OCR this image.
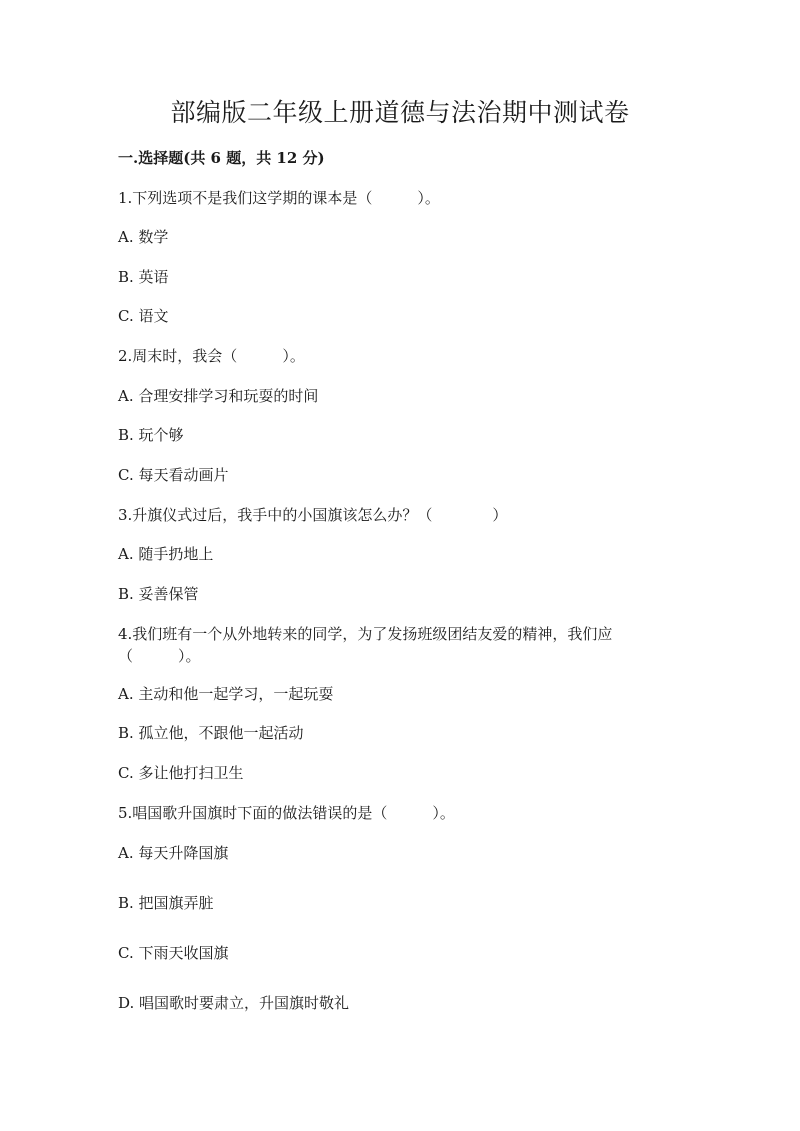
部编版二年级上册道德与法治期中测试卷
一.选择题(共 6 题，共 12 分)
1.下列选项不是我们这学期的课本是（　　　）。
A. 数学
B. 英语
C. 语文
2.周末时，我会（　　　）。
A. 合理安排学习和玩耍的时间
B. 玩个够
C. 每天看动画片
3.升旗仪式过后，我手中的小国旗该怎么办？（　　　　）
A. 随手扔地上
B. 妥善保管
4.我们班有一个从外地转来的同学，为了发扬班级团结友爱的精神，我们应
（　　　）。
A. 主动和他一起学习，一起玩耍
B. 孤立他，不跟他一起活动
C. 多让他打扫卫生
5.唱国歌升国旗时下面的做法错误的是（　　　）。
A. 每天升降国旗
B. 把国旗弄脏
C. 下雨天收国旗
D. 唱国歌时要肃立，升国旗时敬礼
